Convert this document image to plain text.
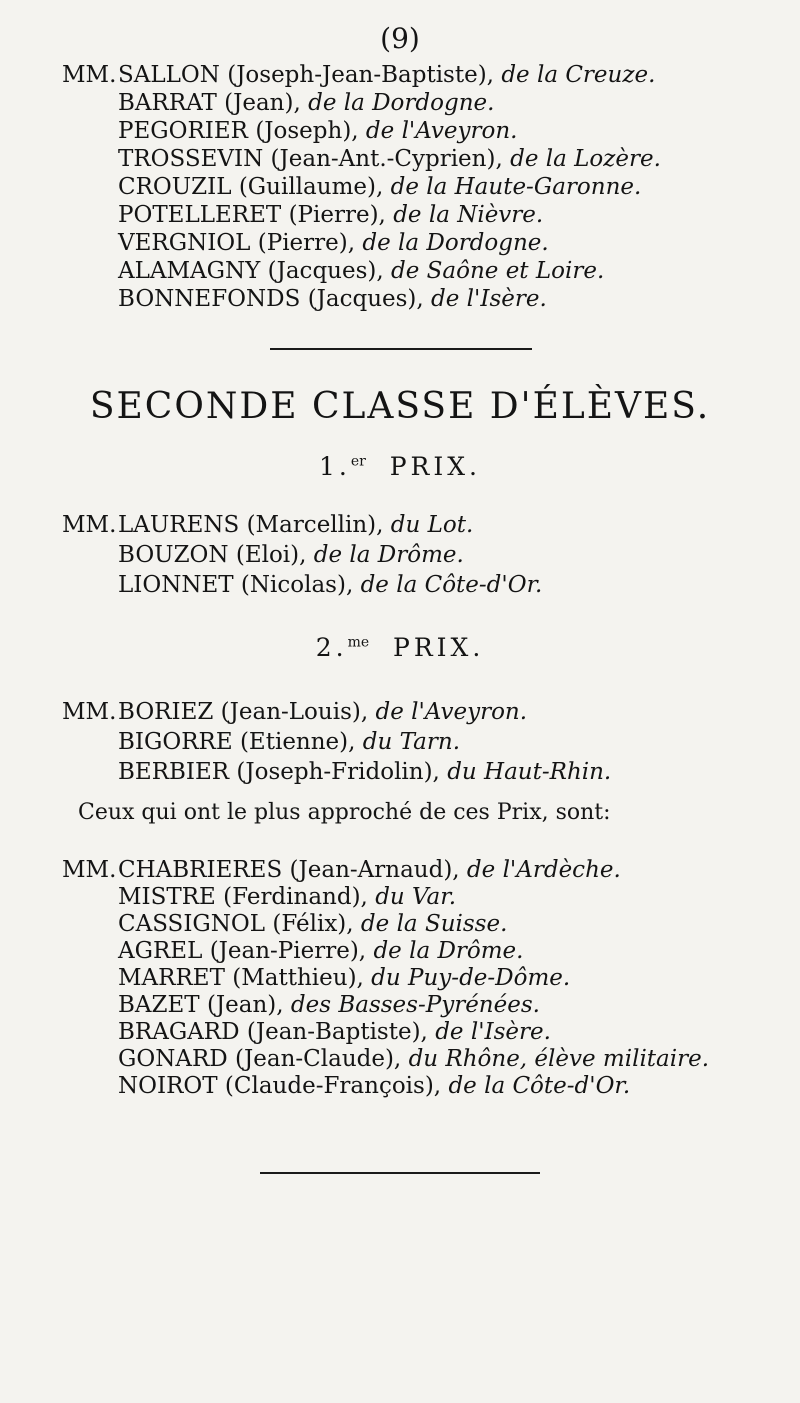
(9)
MM.SALLON (Joseph-Jean-Baptiste), de la Creuze.
BARRAT (Jean), de la Dordogne.
PEGORIER (Joseph), de l'Aveyron.
TROSSEVIN (Jean-Ant.-Cyprien), de la Lozère.
CROUZIL (Guillaume), de la Haute-Garonne.
POTELLERET (Pierre), de la Nièvre.
VERGNIOL (Pierre), de la Dordogne.
ALAMAGNY (Jacques), de Saône et Loire.
BONNEFONDS (Jacques), de l'Isère.
SECONDE CLASSE D'ÉLÈVES.
1.$^{er}$ PRIX.
MM.LAURENS (Marcellin), du Lot.
BOUZON (Eloi), de la Drôme.
LIONNET (Nicolas), de la Côte-d'Or.
2.$^{me}$ PRIX.
MM.BORIEZ (Jean-Louis), de l'Aveyron.
BIGORRE (Etienne), du Tarn.
BERBIER (Joseph-Fridolin), du Haut-Rhin.
Ceux qui ont le plus approché de ces Prix, sont:
MM.CHABRIERES (Jean-Arnaud), de l'Ardèche.
MISTRE (Ferdinand), du Var.
CASSIGNOL (Félix), de la Suisse.
AGREL (Jean-Pierre), de la Drôme.
MARRET (Matthieu), du Puy-de-Dôme.
BAZET (Jean), des Basses-Pyrénées.
BRAGARD (Jean-Baptiste), de l'Isère.
GONARD (Jean-Claude), du Rhône, élève militaire.
NOIROT (Claude-François), de la Côte-d'Or.
